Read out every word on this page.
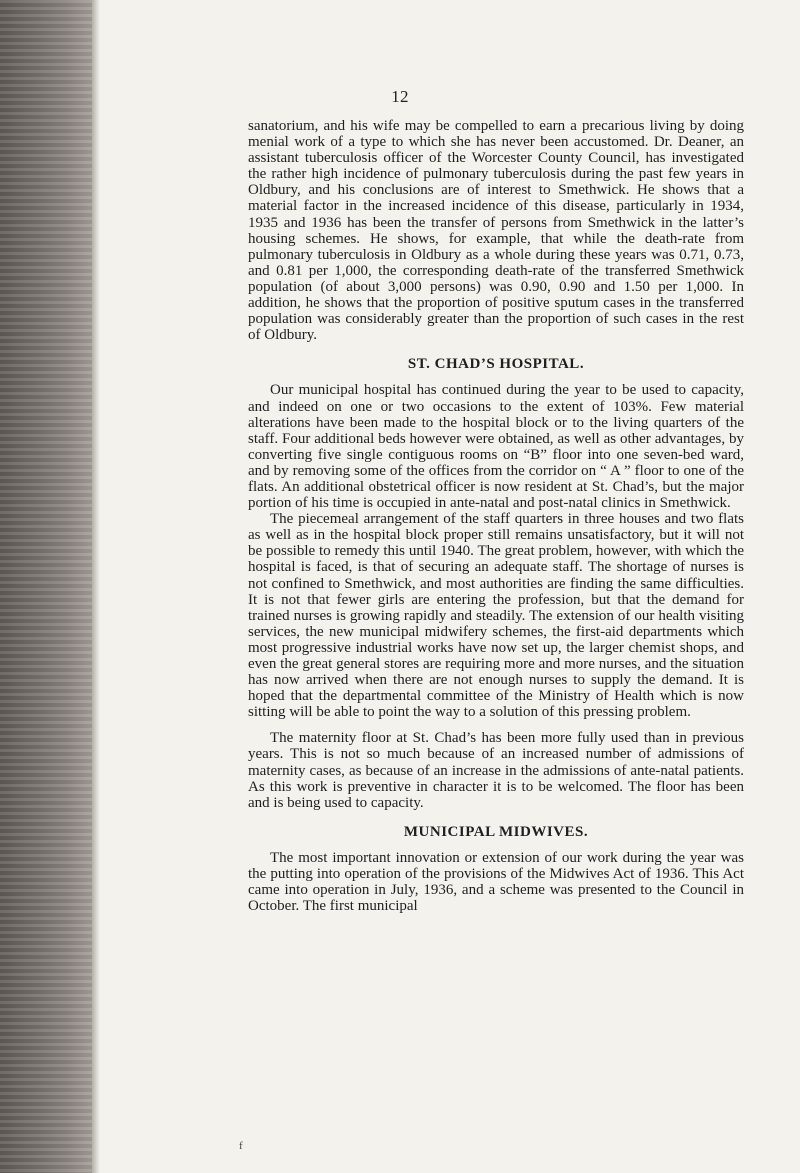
12

sanatorium, and his wife may be compelled to earn a precarious living by doing menial work of a type to which she has never been accustomed. Dr. Deaner, an assistant tuberculosis officer of the Worcester County Council, has investigated the rather high incidence of pulmonary tuberculosis during the past few years in Oldbury, and his conclusions are of interest to Smethwick. He shows that a material factor in the increased incidence of this disease, particularly in 1934, 1935 and 1936 has been the transfer of persons from Smethwick in the latter’s housing schemes. He shows, for example, that while the death-rate from pulmonary tuberculosis in Oldbury as a whole during these years was 0.71, 0.73, and 0.81 per 1,000, the corresponding death-rate of the transferred Smethwick population (of about 3,000 persons) was 0.90, 0.90 and 1.50 per 1,000. In addition, he shows that the proportion of positive sputum cases in the transferred population was considerably greater than the proportion of such cases in the rest of Oldbury.

ST. CHAD’S HOSPITAL.

Our municipal hospital has continued during the year to be used to capacity, and indeed on one or two occasions to the extent of 103%. Few material alterations have been made to the hospital block or to the living quarters of the staff. Four additional beds however were obtained, as well as other advantages, by converting five single contiguous rooms on “B” floor into one seven-bed ward, and by removing some of the offices from the corridor on “ A ” floor to one of the flats. An additional obstetrical officer is now resident at St. Chad’s, but the major portion of his time is occupied in ante-natal and post-natal clinics in Smethwick.

The piecemeal arrangement of the staff quarters in three houses and two flats as well as in the hospital block proper still remains unsatisfactory, but it will not be possible to remedy this until 1940. The great problem, however, with which the hospital is faced, is that of securing an adequate staff. The shortage of nurses is not confined to Smethwick, and most authorities are finding the same difficulties. It is not that fewer girls are entering the profession, but that the demand for trained nurses is growing rapidly and steadily. The extension of our health visiting services, the new municipal midwifery schemes, the first-aid departments which most progressive industrial works have now set up, the larger chemist shops, and even the great general stores are requiring more and more nurses, and the situation has now arrived when there are not enough nurses to supply the demand. It is hoped that the departmental committee of the Ministry of Health which is now sitting will be able to point the way to a solution of this pressing problem.

The maternity floor at St. Chad’s has been more fully used than in previous years. This is not so much because of an increased number of admissions of maternity cases, as because of an increase in the admissions of ante-natal patients. As this work is preventive in character it is to be welcomed. The floor has been and is being used to capacity.

MUNICIPAL MIDWIVES.

The most important innovation or extension of our work during the year was the putting into operation of the provisions of the Midwives Act of 1936. This Act came into operation in July, 1936, and a scheme was presented to the Council in October. The first municipal

f
